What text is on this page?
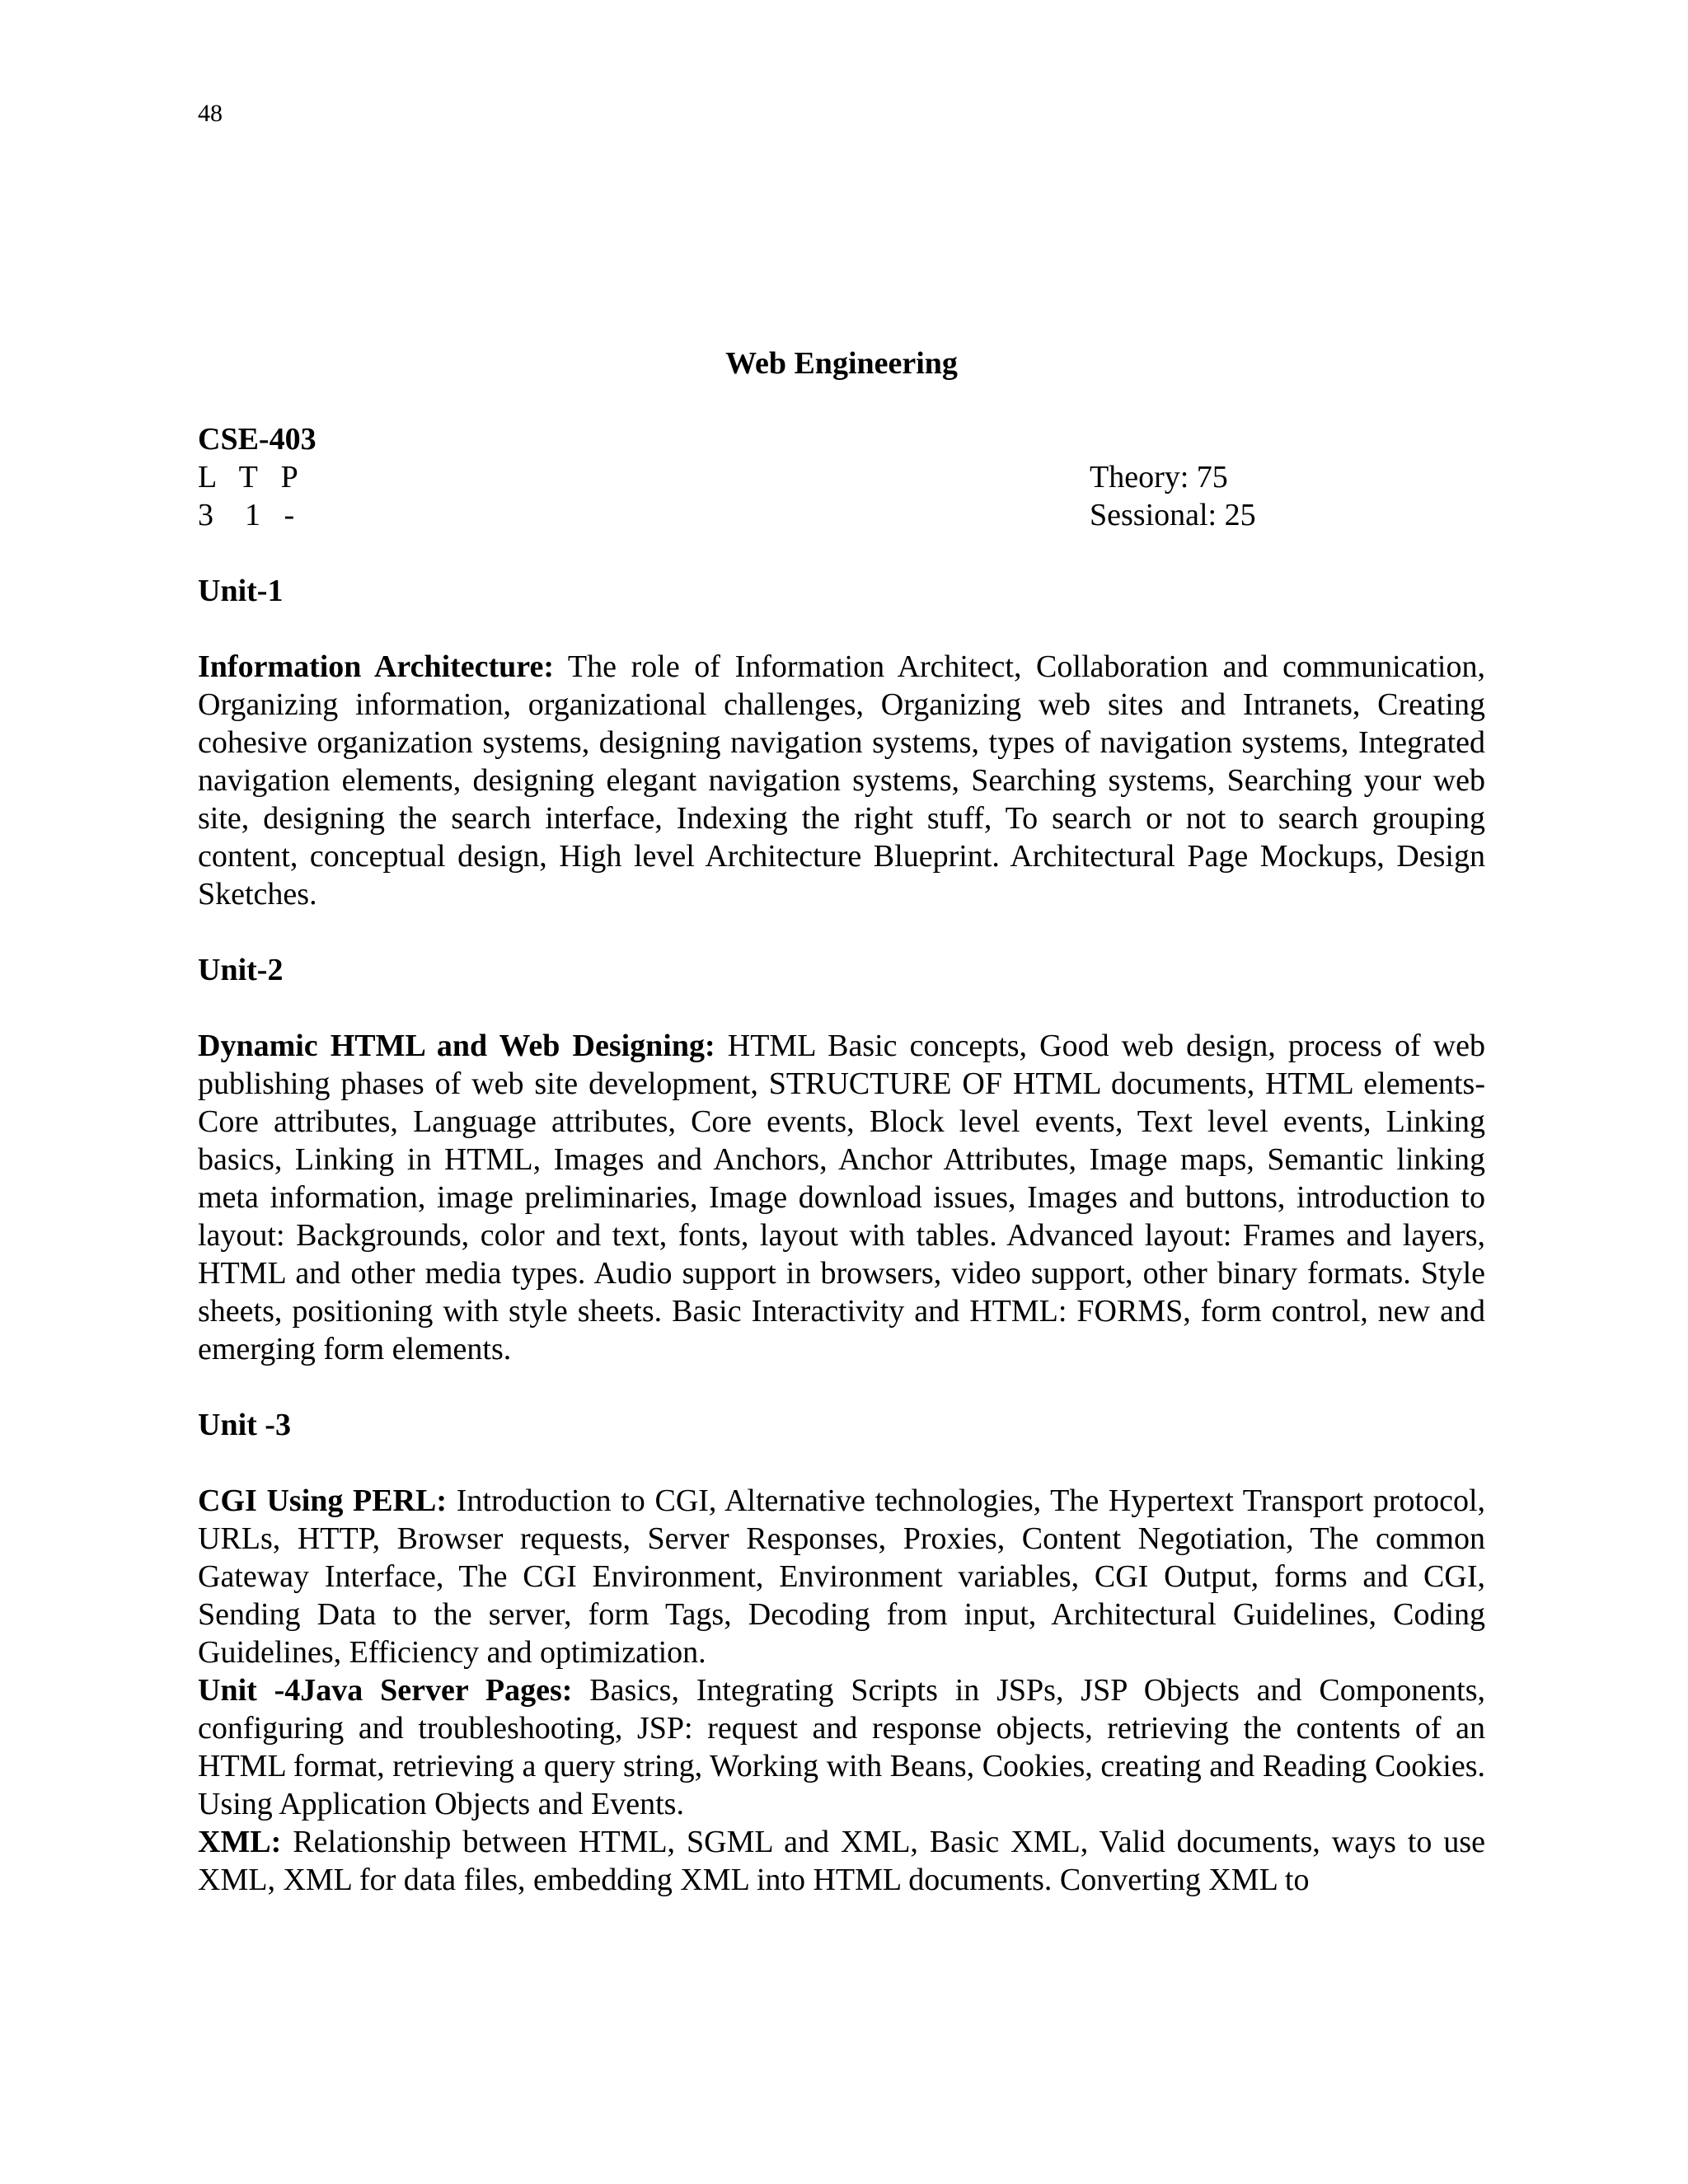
48
Web Engineering
CSE-403
L   T   P	Theory: 75
3    1   -	Sessional: 25
Unit-1

Information Architecture: The role of Information Architect, Collaboration and communication, Organizing information, organizational challenges, Organizing web sites and Intranets, Creating cohesive organization systems, designing navigation systems, types of navigation systems, Integrated navigation elements, designing elegant navigation systems, Searching systems, Searching your web site, designing the search interface, Indexing the right stuff, To search or not to search grouping content, conceptual design, High level Architecture Blueprint. Architectural Page Mockups, Design Sketches.

Unit-2

Dynamic HTML and Web Designing: HTML Basic concepts, Good web design, process of web publishing phases of web site development, STRUCTURE OF HTML documents, HTML elements- Core attributes, Language attributes, Core events, Block level events, Text level events, Linking basics, Linking in HTML, Images and Anchors, Anchor Attributes, Image maps, Semantic linking meta information, image preliminaries, Image download issues, Images and buttons, introduction to layout: Backgrounds, color and text, fonts, layout with tables. Advanced layout: Frames and layers, HTML and other media types. Audio support in browsers, video support, other binary formats. Style sheets, positioning with style sheets. Basic Interactivity and HTML: FORMS, form control, new and emerging form elements.

Unit -3

CGI Using PERL: Introduction to CGI, Alternative technologies, The Hypertext Transport protocol, URLs, HTTP, Browser requests, Server Responses, Proxies, Content Negotiation, The common Gateway Interface, The CGI Environment, Environment variables, CGI Output, forms and CGI, Sending Data to the server, form Tags, Decoding from input, Architectural Guidelines, Coding Guidelines, Efficiency and optimization.

Unit -4Java Server Pages: Basics, Integrating Scripts in JSPs, JSP Objects and Components, configuring and troubleshooting, JSP: request and response objects, retrieving the contents of an HTML format, retrieving a query string, Working with Beans, Cookies, creating and Reading Cookies. Using Application Objects and Events.

XML: Relationship between HTML, SGML and XML, Basic XML, Valid documents, ways to use XML, XML for data files, embedding XML into HTML documents. Converting XML to
